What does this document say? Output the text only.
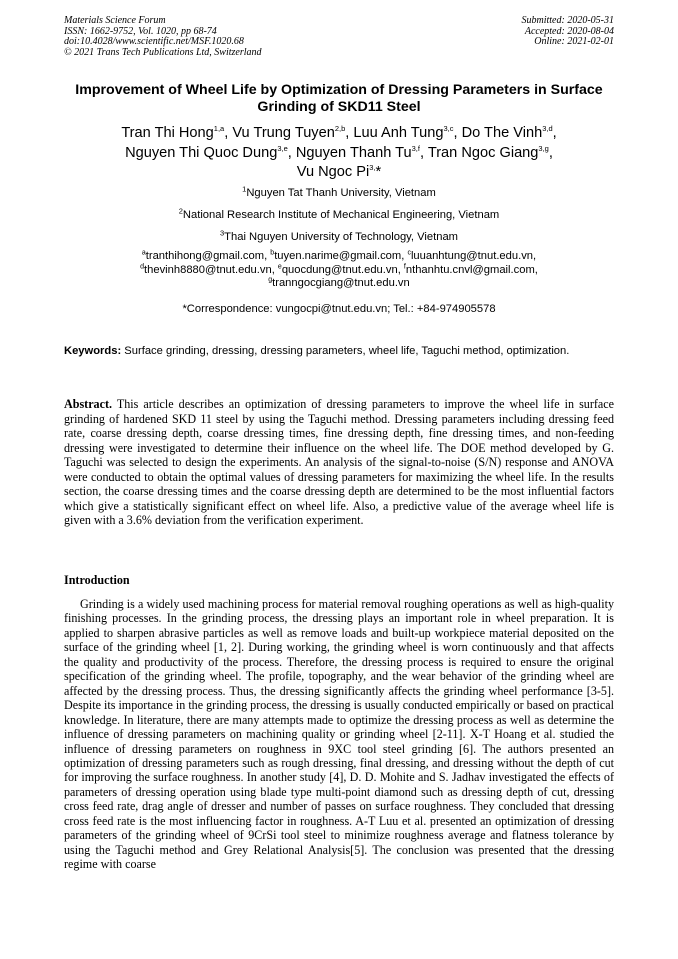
Materials Science Forum
ISSN: 1662-9752, Vol. 1020, pp 68-74
doi:10.4028/www.scientific.net/MSF.1020.68
© 2021 Trans Tech Publications Ltd, Switzerland
Submitted: 2020-05-31
Accepted: 2020-08-04
Online: 2021-02-01
Improvement of Wheel Life by Optimization of Dressing Parameters in Surface Grinding of SKD11 Steel
Tran Thi Hong$^{1,a}$, Vu Trung Tuyen$^{2,b}$, Luu Anh Tung$^{3,c}$, Do The Vinh$^{3,d}$,
Nguyen Thi Quoc Dung$^{3,e}$, Nguyen Thanh Tu$^{3,f}$, Tran Ngoc Giang$^{3,g}$,
Vu Ngoc $Pi^{3,}*$
$^1$Nguyen Tat Thanh University, Vietnam
$^2$National Research Institute of Mechanical Engineering, Vietnam
$^3$Thai Nguyen University of Technology, Vietnam
$^a$tranthihong@gmail.com, $^b$tuyen.narime@gmail.com, $^c$luuanhtung@tnut.edu.vn,
$^d$thevinh8880@tnut.edu.vn, $^e$quocdung@tnut.edu.vn, $^f$nthanhtu.cnvl@gmail.com,
$^g$tranngocgiang@tnut.edu.vn
*Correspondence: vungocpi@tnut.edu.vn; Tel.: +84-974905578
Keywords: Surface grinding, dressing, dressing parameters, wheel life, Taguchi method, optimization.
Abstract. This article describes an optimization of dressing parameters to improve the wheel life in surface grinding of hardened SKD 11 steel by using the Taguchi method. Dressing parameters including dressing feed rate, coarse dressing depth, coarse dressing times, fine dressing depth, fine dressing times, and non-feeding dressing were investigated to determine their influence on the wheel life. The DOE method developed by G. Taguchi was selected to design the experiments. An analysis of the signal-to-noise (S/N) response and ANOVA were conducted to obtain the optimal values of dressing parameters for maximizing the wheel life. In the results section, the coarse dressing times and the coarse dressing depth are determined to be the most influential factors which give a statistically significant effect on wheel life. Also, a predictive value of the average wheel life is given with a 3.6% deviation from the verification experiment.
Introduction

Grinding is a widely used machining process for material removal roughing operations as well as high-quality finishing processes. In the grinding process, the dressing plays an important role in wheel preparation. It is applied to sharpen abrasive particles as well as remove loads and built-up workpiece material deposited on the surface of the grinding wheel [1, 2]. During working, the grinding wheel is worn continuously and that affects the quality and productivity of the process. Therefore, the dressing process is required to ensure the original specification of the grinding wheel. The profile, topography, and the wear behavior of the grinding wheel are affected by the dressing process. Thus, the dressing significantly affects the grinding wheel performance [3-5]. Despite its importance in the grinding process, the dressing is usually conducted empirically or based on practical knowledge. In literature, there are many attempts made to optimize the dressing process as well as determine the influence of dressing parameters on machining quality or grinding wheel [2-11]. X-T Hoang et al. studied the influence of dressing parameters on roughness in 9XC tool steel grinding [6]. The authors presented an optimization of dressing parameters such as rough dressing, final dressing, and dressing without the depth of cut for improving the surface roughness. In another study [4], D. D. Mohite and S. Jadhav investigated the effects of parameters of dressing operation using blade type multi-point diamond such as dressing depth of cut, dressing cross feed rate, drag angle of dresser and number of passes on surface roughness. They concluded that dressing cross feed rate is the most influencing factor in roughness. A-T Luu et al. presented an optimization of dressing parameters of the grinding wheel of 9CrSi tool steel to minimize roughness average and flatness tolerance by using the Taguchi method and Grey Relational Analysis[5]. The conclusion was presented that the dressing regime with coarse
